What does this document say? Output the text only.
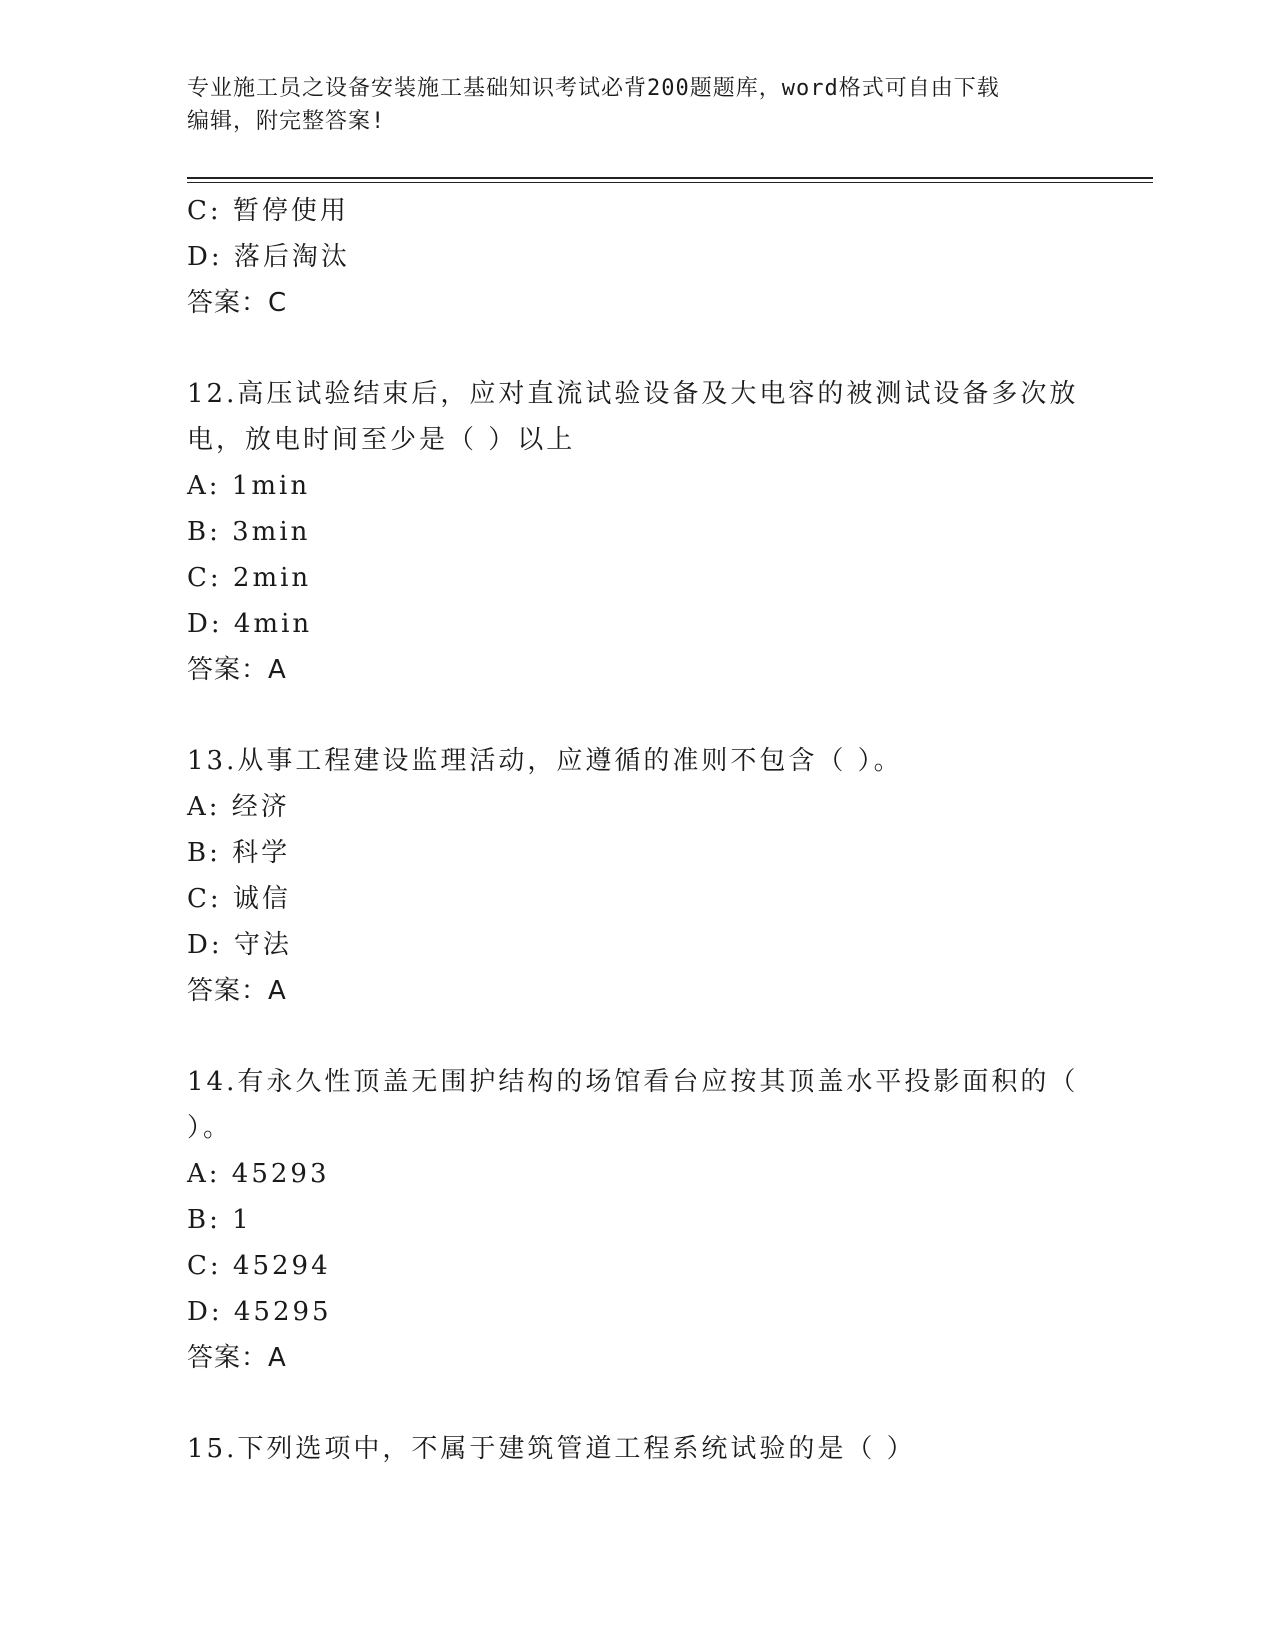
专业施工员之设备安装施工基础知识考试必背200题题库，word格式可自由下载
编辑，附完整答案!
C: 暂停使用
D: 落后淘汰
答案：C
12.高压试验结束后，应对直流试验设备及大电容的被测试设备多次放
电，放电时间至少是（ ）以上
A: 1min
B: 3min
C: 2min
D: 4min
答案：A
13.从事工程建设监理活动，应遵循的准则不包含（ ）。
A: 经济
B: 科学
C: 诚信
D: 守法
答案：A
14.有永久性顶盖无围护结构的场馆看台应按其顶盖水平投影面积的（
）。
A: 45293
B: 1
C: 45294
D: 45295
答案：A
15.下列选项中，不属于建筑管道工程系统试验的是（ ）
